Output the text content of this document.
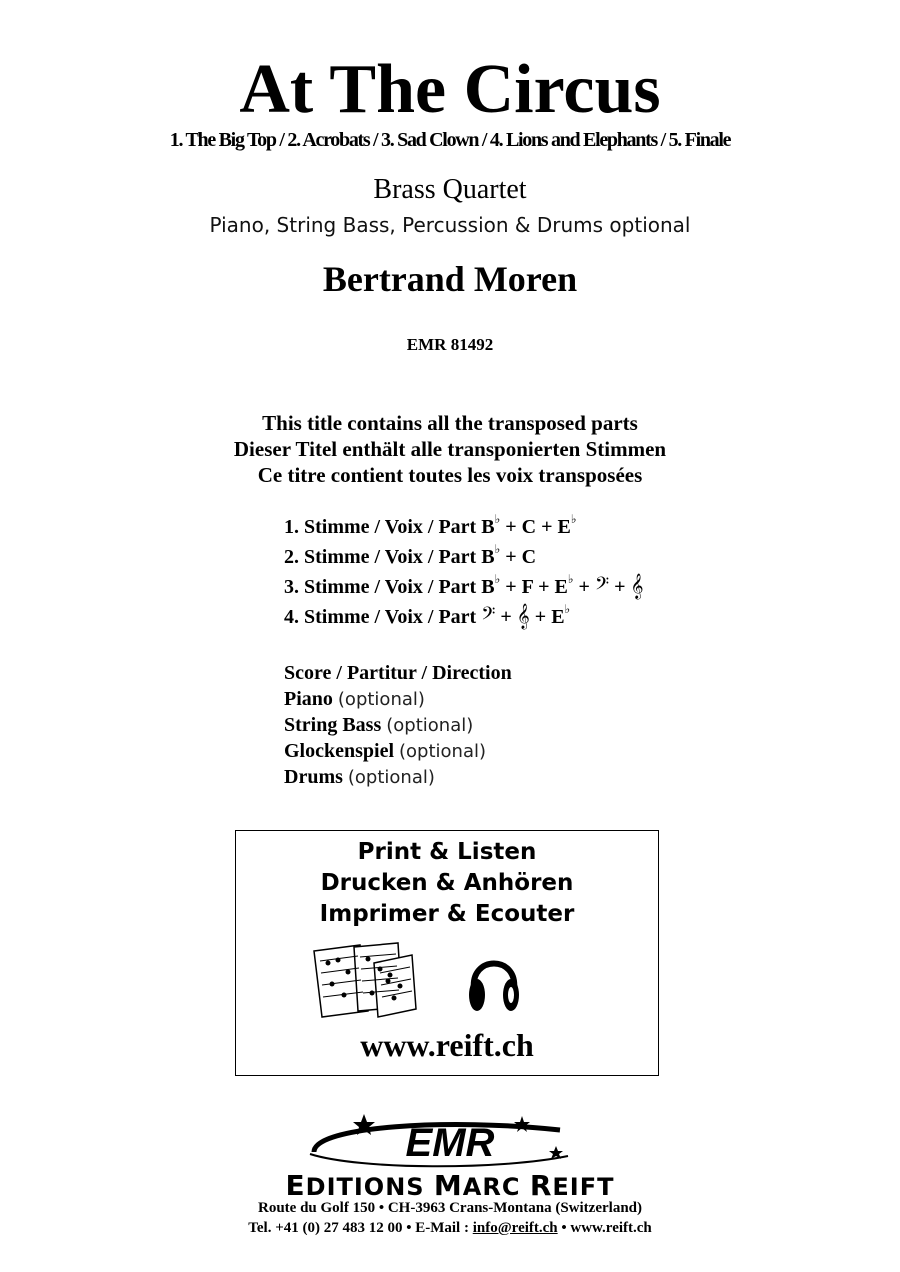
At The Circus
1. The Big Top / 2. Acrobats / 3. Sad Clown / 4. Lions and Elephants / 5. Finale
Brass Quartet
Piano, String Bass, Percussion & Drums optional
Bertrand Moren
EMR 81492
This title contains all the transposed parts
Dieser Titel enthält alle transponierten Stimmen
Ce titre contient toutes les voix transposées
1. Stimme / Voix / Part B♭ + C + E♭
2. Stimme / Voix / Part B♭ + C
3. Stimme / Voix / Part B♭ + F + E♭ + 𝄢 + 𝄞
4. Stimme / Voix / Part 𝄢 + 𝄞 + E♭
Score / Partitur / Direction
Piano (optional)
String Bass (optional)
Glockenspiel (optional)
Drums (optional)
Print & Listen
Drucken & Anhören
Imprimer & Ecouter
www.reift.ch
EMR
EDITIONS MARC REIFT
Route du Golf 150 • CH-3963 Crans-Montana (Switzerland)
Tel. +41 (0) 27 483 12 00 • E-Mail : info@reift.ch • www.reift.ch
